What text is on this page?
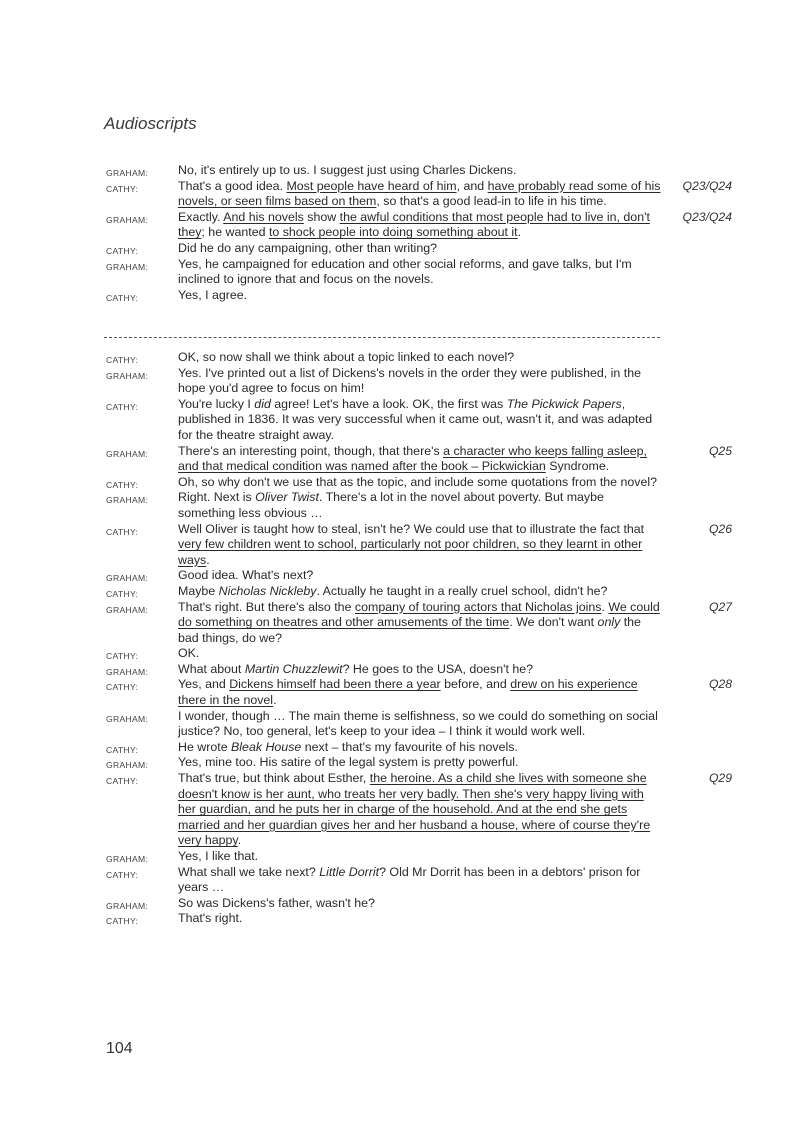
Audioscripts
GRAHAM: No, it's entirely up to us. I suggest just using Charles Dickens.
CATHY:	That's a good idea. Most people have heard of him, and have probably read some of his novels, or seen films based on them, so that's a good lead-in to life in his time.
Q23/Q24
GRAHAM: Exactly. And his novels show the awful conditions that most people had to live in, don't they; he wanted to shock people into doing something about it.
Q23/Q24
CATHY:	Did he do any campaigning, other than writing?
GRAHAM: Yes, he campaigned for education and other social reforms, and gave talks, but I'm inclined to ignore that and focus on the novels.
CATHY:	Yes, I agree.
CATHY:	OK, so now shall we think about a topic linked to each novel?
GRAHAM: Yes. I've printed out a list of Dickens's novels in the order they were published, in the hope you'd agree to focus on him!
CATHY:	You're lucky I did agree! Let's have a look. OK, the first was The Pickwick Papers, published in 1836. It was very successful when it came out, wasn't it, and was adapted for the theatre straight away.
GRAHAM: There's an interesting point, though, that there's a character who keeps falling asleep, and that medical condition was named after the book – Pickwickian Syndrome.
Q25
CATHY:	Oh, so why don't we use that as the topic, and include some quotations from the novel?
GRAHAM: Right. Next is Oliver Twist. There's a lot in the novel about poverty. But maybe something less obvious …
CATHY:	Well Oliver is taught how to steal, isn't he? We could use that to illustrate the fact that very few children went to school, particularly not poor children, so they learnt in other ways.
Q26
GRAHAM: Good idea. What's next?
CATHY:	Maybe Nicholas Nickleby. Actually he taught in a really cruel school, didn't he?
GRAHAM: That's right. But there's also the company of touring actors that Nicholas joins. We could do something on theatres and other amusements of the time. We don't want only the bad things, do we?
Q27
CATHY:	OK.
GRAHAM: What about Martin Chuzzlewit? He goes to the USA, doesn't he?
CATHY:	Yes, and Dickens himself had been there a year before, and drew on his experience there in the novel.
Q28
GRAHAM: I wonder, though … The main theme is selfishness, so we could do something on social justice? No, too general, let's keep to your idea – I think it would work well.
CATHY:	He wrote Bleak House next – that's my favourite of his novels.
GRAHAM: Yes, mine too. His satire of the legal system is pretty powerful.
CATHY:	That's true, but think about Esther, the heroine. As a child she lives with someone she doesn't know is her aunt, who treats her very badly. Then she's very happy living with her guardian, and he puts her in charge of the household. And at the end she gets married and her guardian gives her and her husband a house, where of course they're very happy.
Q29
GRAHAM: Yes, I like that.
CATHY:	What shall we take next? Little Dorrit? Old Mr Dorrit has been in a debtors' prison for years …
GRAHAM: So was Dickens's father, wasn't he?
CATHY:	That's right.
104
